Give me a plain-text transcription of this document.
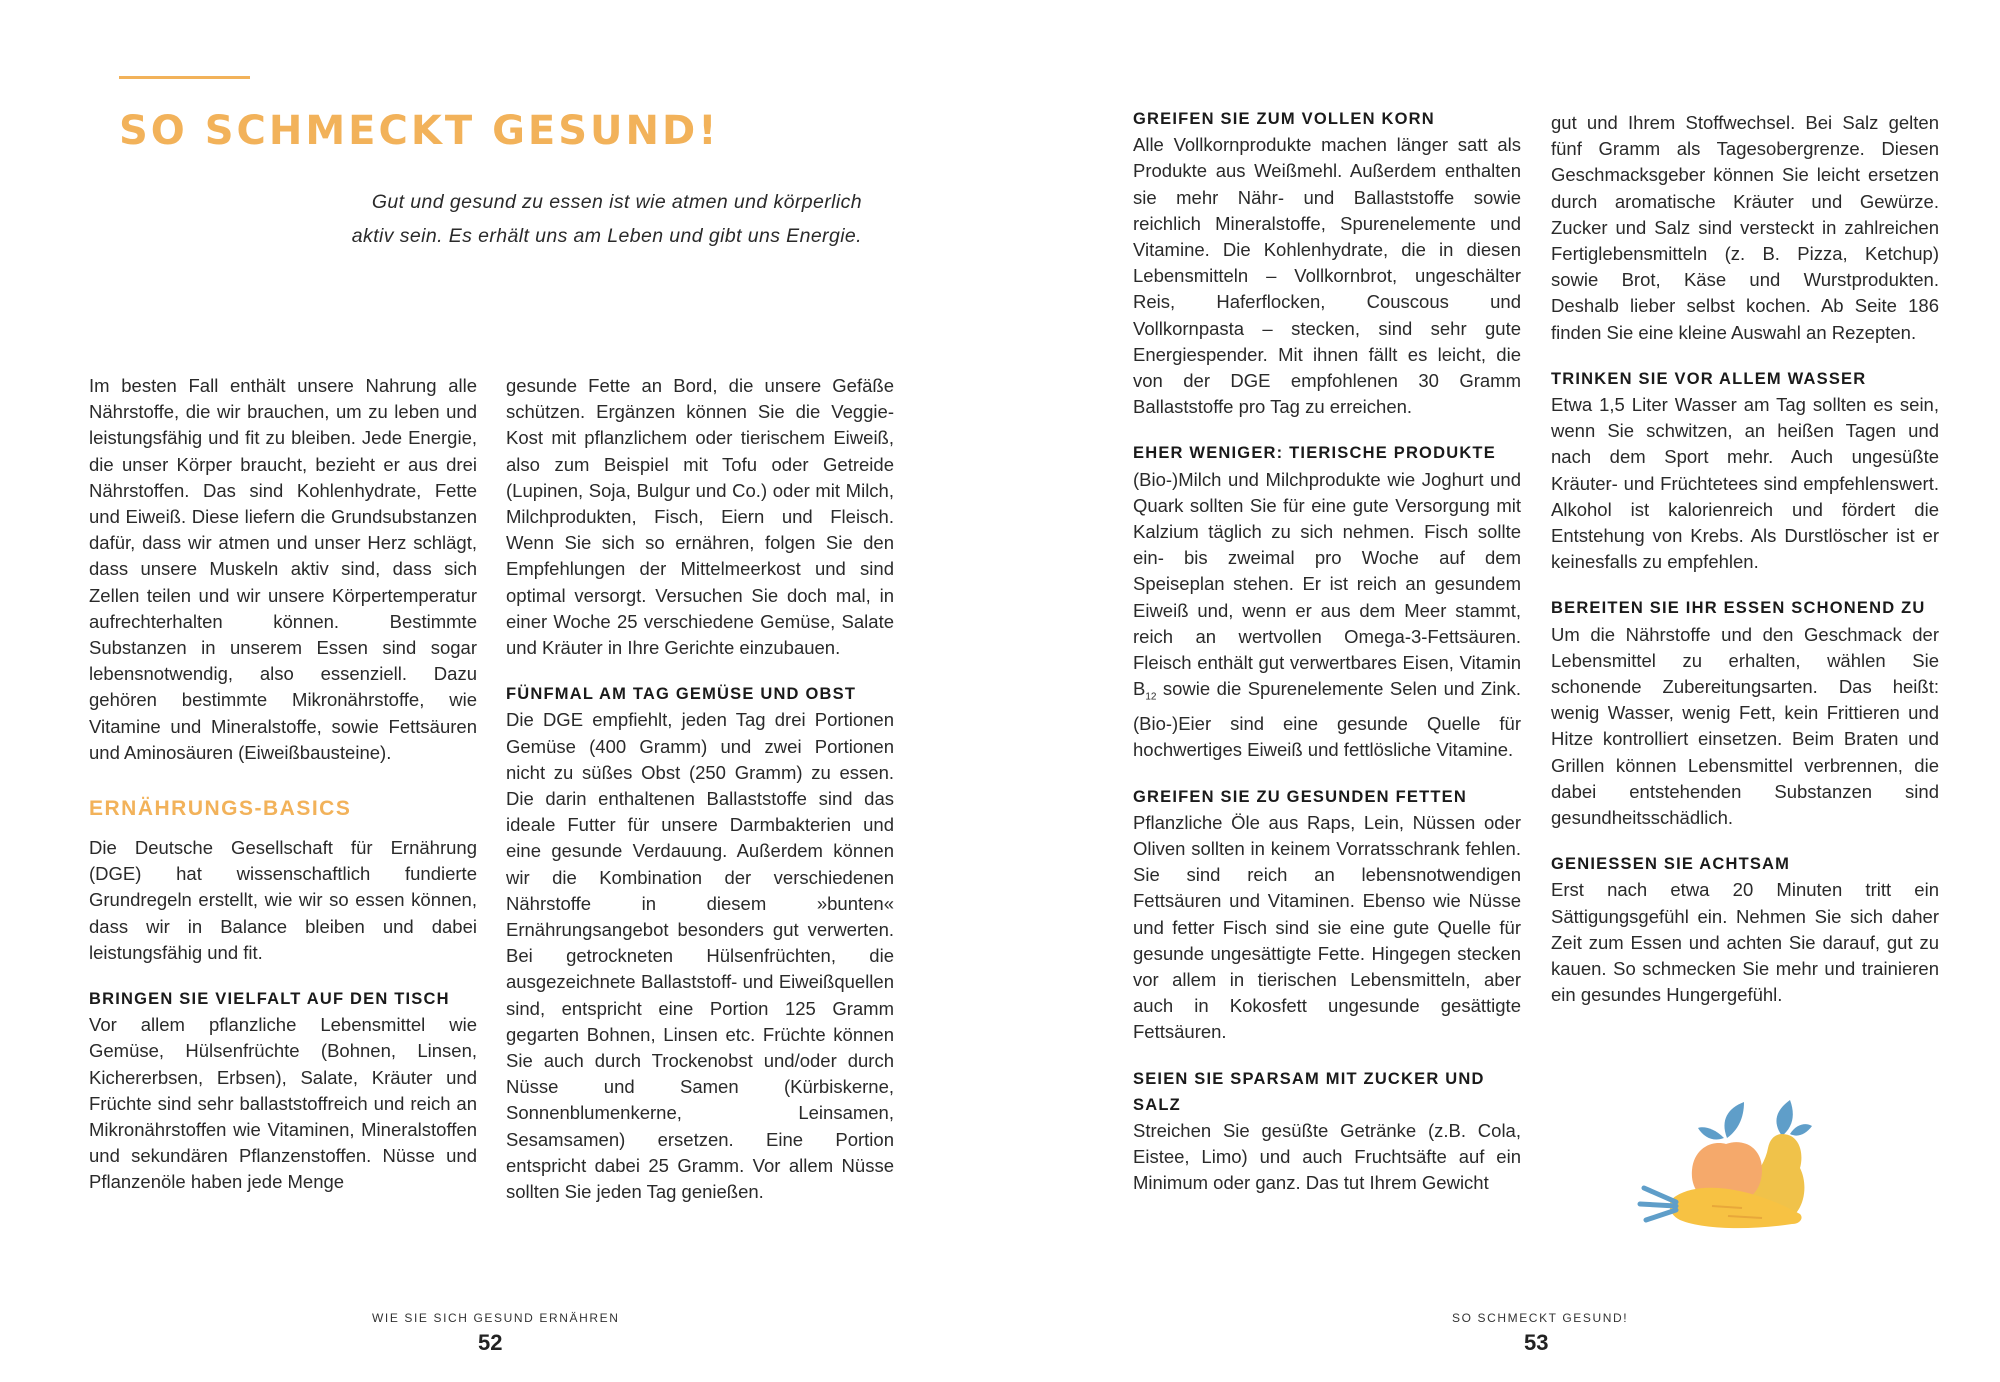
SO SCHMECKT GESUND!

Gut und gesund zu essen ist wie atmen und körperlich aktiv sein. Es erhält uns am Leben und gibt uns Energie.

Im besten Fall enthält unsere Nahrung alle Nährstoffe, die wir brauchen, um zu leben und leistungsfähig und fit zu bleiben. Jede Energie, die unser Körper braucht, bezieht er aus drei Nährstoffen. Das sind Kohlenhydrate, Fette und Eiweiß. Diese liefern die Grundsubstanzen dafür, dass wir atmen und unser Herz schlägt, dass unsere Muskeln aktiv sind, dass sich Zellen teilen und wir unsere Körpertemperatur aufrechterhalten können. Bestimmte Substanzen in unserem Essen sind sogar lebensnotwendig, also essenziell. Dazu gehören bestimmte Mikronährstoffe, wie Vitamine und Mineralstoffe, sowie Fettsäuren und Aminosäuren (Eiweißbausteine).

ERNÄHRUNGS-BASICS

Die Deutsche Gesellschaft für Ernährung (DGE) hat wissenschaftlich fundierte Grundregeln erstellt, wie wir so essen können, dass wir in Balance bleiben und dabei leistungsfähig und fit.

BRINGEN SIE VIELFALT AUF DEN TISCH

Vor allem pflanzliche Lebensmittel wie Gemüse, Hülsenfrüchte (Bohnen, Linsen, Kichererbsen, Erbsen), Salate, Kräuter und Früchte sind sehr ballaststoffreich und reich an Mikronährstoffen wie Vitaminen, Mineralstoffen und sekundären Pflanzenstoffen. Nüsse und Pflanzenöle haben jede Menge

gesunde Fette an Bord, die unsere Gefäße schützen. Ergänzen können Sie die Veggie-Kost mit pflanzlichem oder tierischem Eiweiß, also zum Beispiel mit Tofu oder Getreide (Lupinen, Soja, Bulgur und Co.) oder mit Milch, Milchprodukten, Fisch, Eiern und Fleisch. Wenn Sie sich so ernähren, folgen Sie den Empfehlungen der Mittelmeerkost und sind optimal versorgt. Versuchen Sie doch mal, in einer Woche 25 verschiedene Gemüse, Salate und Kräuter in Ihre Gerichte einzubauen.

FÜNFMAL AM TAG GEMÜSE UND OBST

Die DGE empfiehlt, jeden Tag drei Portionen Gemüse (400 Gramm) und zwei Portionen nicht zu süßes Obst (250 Gramm) zu essen. Die darin enthaltenen Ballaststoffe sind das ideale Futter für unsere Darmbakterien und eine gesunde Verdauung. Außerdem können wir die Kombination der verschiedenen Nährstoffe in diesem »bunten« Ernährungsangebot besonders gut verwerten. Bei getrockneten Hülsenfrüchten, die ausgezeichnete Ballaststoff- und Eiweißquellen sind, entspricht eine Portion 125 Gramm gegarten Bohnen, Linsen etc. Früchte können Sie auch durch Trockenobst und/oder durch Nüsse und Samen (Kürbiskerne, Sonnenblumenkerne, Leinsamen, Sesamsamen) ersetzen. Eine Portion entspricht dabei 25 Gramm. Vor allem Nüsse sollten Sie jeden Tag genießen.

WIE SIE SICH GESUND ERNÄHREN
52
GREIFEN SIE ZUM VOLLEN KORN

Alle Vollkornprodukte machen länger satt als Produkte aus Weißmehl. Außerdem enthalten sie mehr Nähr- und Ballaststoffe sowie reichlich Mineralstoffe, Spurenelemente und Vitamine. Die Kohlenhydrate, die in diesen Lebensmitteln – Vollkornbrot, ungeschälter Reis, Haferflocken, Couscous und Vollkornpasta – stecken, sind sehr gute Energiespender. Mit ihnen fällt es leicht, die von der DGE empfohlenen 30 Gramm Ballaststoffe pro Tag zu erreichen.

EHER WENIGER: TIERISCHE PRODUKTE

(Bio-)Milch und Milchprodukte wie Joghurt und Quark sollten Sie für eine gute Versorgung mit Kalzium täglich zu sich nehmen. Fisch sollte ein- bis zweimal pro Woche auf dem Speiseplan stehen. Er ist reich an gesundem Eiweiß und, wenn er aus dem Meer stammt, reich an wertvollen Omega-3-Fettsäuren. Fleisch enthält gut verwertbares Eisen, Vitamin $B_{12}$ sowie die Spurenelemente Selen und Zink. (Bio-)Eier sind eine gesunde Quelle für hochwertiges Eiweiß und fettlösliche Vitamine.

GREIFEN SIE ZU GESUNDEN FETTEN

Pflanzliche Öle aus Raps, Lein, Nüssen oder Oliven sollten in keinem Vorratsschrank fehlen. Sie sind reich an lebensnotwendigen Fettsäuren und Vitaminen. Ebenso wie Nüsse und fetter Fisch sind sie eine gute Quelle für gesunde ungesättigte Fette. Hingegen stecken vor allem in tierischen Lebensmitteln, aber auch in Kokosfett ungesunde gesättigte Fettsäuren.

SEIEN SIE SPARSAM MIT ZUCKER UND SALZ

Streichen Sie gesüßte Getränke (z.B. Cola, Eistee, Limo) und auch Fruchtsäfte auf ein Minimum oder ganz. Das tut Ihrem Gewicht

gut und Ihrem Stoffwechsel. Bei Salz gelten fünf Gramm als Tagesobergrenze. Diesen Geschmacksgeber können Sie leicht ersetzen durch aromatische Kräuter und Gewürze. Zucker und Salz sind versteckt in zahlreichen Fertiglebensmitteln (z. B. Pizza, Ketchup) sowie Brot, Käse und Wurstprodukten. Deshalb lieber selbst kochen. Ab Seite 186 finden Sie eine kleine Auswahl an Rezepten.

TRINKEN SIE VOR ALLEM WASSER

Etwa 1,5 Liter Wasser am Tag sollten es sein, wenn Sie schwitzen, an heißen Tagen und nach dem Sport mehr. Auch ungesüßte Kräuter- und Früchtetees sind empfehlenswert. Alkohol ist kalorienreich und fördert die Entstehung von Krebs. Als Durstlöscher ist er keinesfalls zu empfehlen.

BEREITEN SIE IHR ESSEN SCHONEND ZU

Um die Nährstoffe und den Geschmack der Lebensmittel zu erhalten, wählen Sie schonende Zubereitungsarten. Das heißt: wenig Wasser, wenig Fett, kein Frittieren und Hitze kontrolliert einsetzen. Beim Braten und Grillen können Lebensmittel verbrennen, die dabei entstehenden Substanzen sind gesundheitsschädlich.

GENIESSEN SIE ACHTSAM

Erst nach etwa 20 Minuten tritt ein Sättigungsgefühl ein. Nehmen Sie sich daher Zeit zum Essen und achten Sie darauf, gut zu kauen. So schmecken Sie mehr und trainieren ein gesundes Hungergefühl.

SO SCHMECKT GESUND!
53
